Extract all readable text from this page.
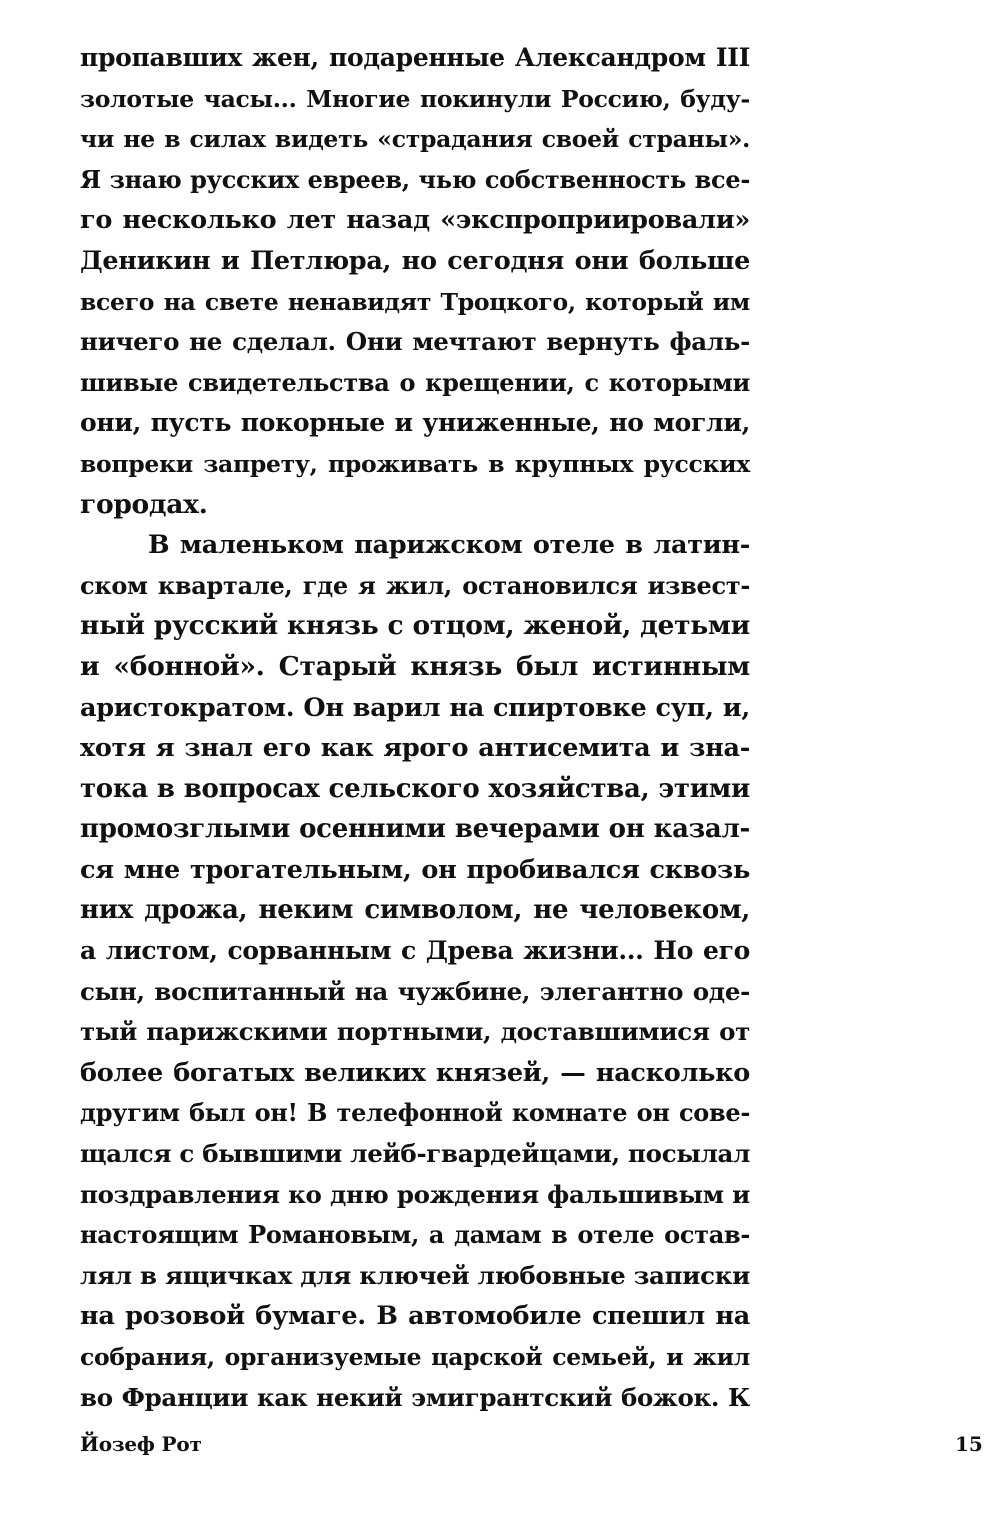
пропавших жен, подаренные Александром III
золотые часы... Многие покинули Россию, буду-
чи не в силах видеть «страдания своей страны».
Я знаю русских евреев, чью собственность все-
го несколько лет назад «экспроприировали»
Деникин и Петлюра, но сегодня они больше
всего на свете ненавидят Троцкого, который им
ничего не сделал. Они мечтают вернуть фаль-
шивые свидетельства о крещении, с которыми
они, пусть покорные и униженные, но могли,
вопреки запрету, проживать в крупных русских
городах.
В маленьком парижском отеле в латин-
ском квартале, где я жил, остановился извест-
ный русский князь с отцом, женой, детьми
и «бонной». Старый князь был истинным
аристократом. Он варил на спиртовке суп, и,
хотя я знал его как ярого антисемита и зна-
тока в вопросах сельского хозяйства, этими
промозглыми осенними вечерами он казал-
ся мне трогательным, он пробивался сквозь
них дрожа, неким символом, не человеком,
а листом, сорванным с Древа жизни... Но его
сын, воспитанный на чужбине, элегантно оде-
тый парижскими портными, доставшимися от
более богатых великих князей, — насколько
другим был он! В телефонной комнате он сове-
щался с бывшими лейб-гвардейцами, посылал
поздравления ко дню рождения фальшивым и
настоящим Романовым, а дамам в отеле остав-
лял в ящичках для ключей любовные записки
на розовой бумаге. В автомобиле спешил на
собрания, организуемые царской семьей, и жил
во Франции как некий эмигрантский божок. К
Йозеф Рот	15
